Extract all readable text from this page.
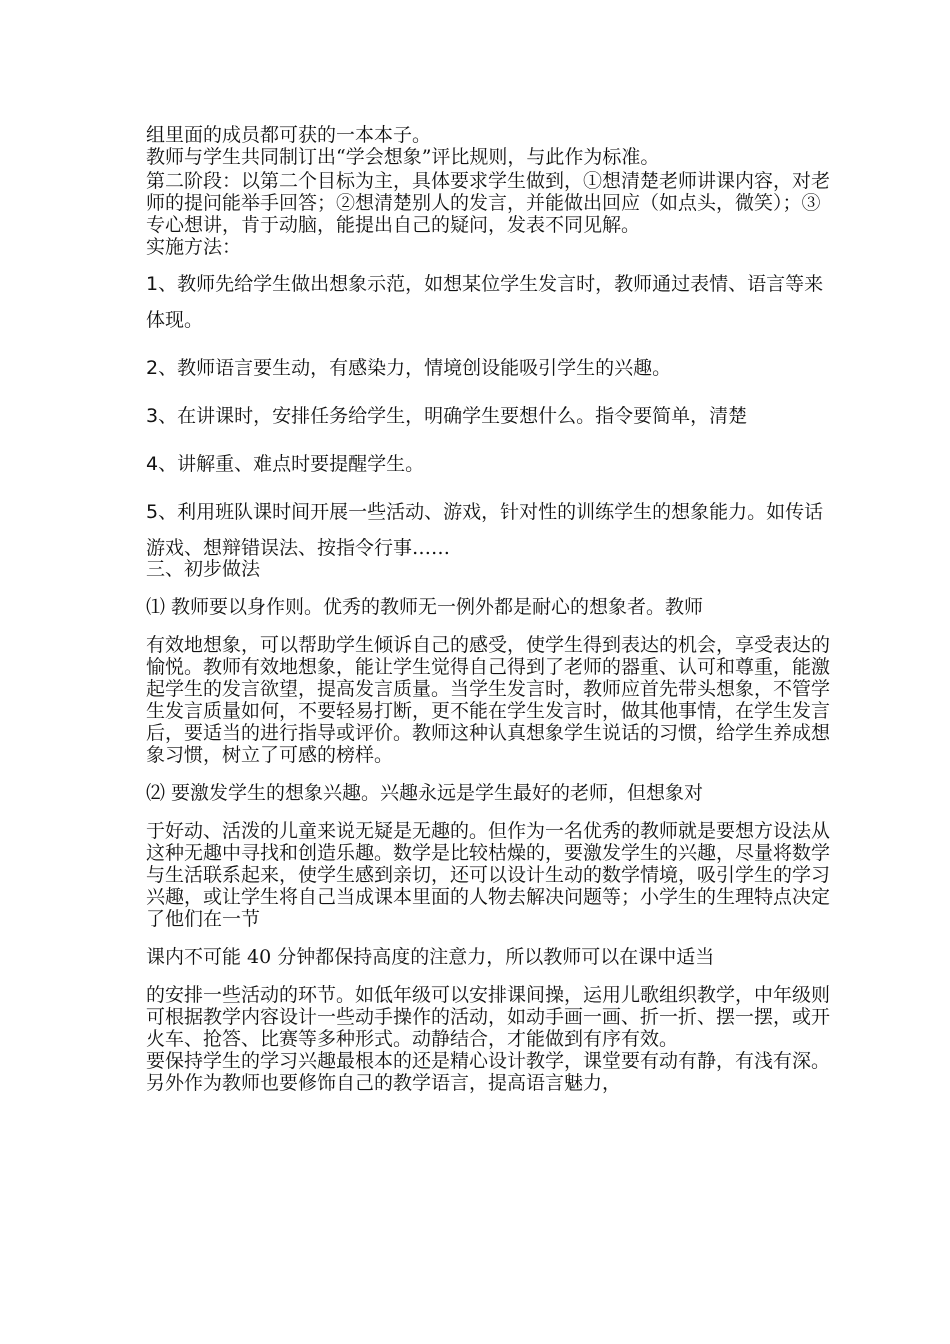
组里面的成员都可获的一本本子。

教师与学生共同制订出“学会想象”评比规则，与此作为标准。

第二阶段：以第二个目标为主，具体要求学生做到，①想清楚老师讲课内容，对老师的提问能举手回答；②想清楚别人的发言，并能做出回应（如点头，微笑）；③专心想讲，肯于动脑，能提出自己的疑问，发表不同见解。

实施方法：

1、教师先给学生做出想象示范，如想某位学生发言时，教师通过表情、语言等来体现。

2、教师语言要生动，有感染力，情境创设能吸引学生的兴趣。

3、在讲课时，安排任务给学生，明确学生要想什么。指令要简单，清楚

4、讲解重、难点时要提醒学生。

5、利用班队课时间开展一些活动、游戏，针对性的训练学生的想象能力。如传话游戏、想辩错误法、按指令行事……

三、初步做法

⑴ 教师要以身作则。优秀的教师无一例外都是耐心的想象者。教师

有效地想象，可以帮助学生倾诉自己的感受，使学生得到表达的机会，享受表达的愉悦。教师有效地想象，能让学生觉得自己得到了老师的器重、认可和尊重，能激起学生的发言欲望，提高发言质量。当学生发言时，教师应首先带头想象，不管学生发言质量如何，不要轻易打断，更不能在学生发言时，做其他事情，在学生发言后，要适当的进行指导或评价。教师这种认真想象学生说话的习惯，给学生养成想象习惯，树立了可感的榜样。

⑵ 要激发学生的想象兴趣。兴趣永远是学生最好的老师，但想象对

于好动、活泼的儿童来说无疑是无趣的。但作为一名优秀的教师就是要想方设法从这种无趣中寻找和创造乐趣。数学是比较枯燥的，要激发学生的兴趣，尽量将数学与生活联系起来，使学生感到亲切，还可以设计生动的数学情境，吸引学生的学习兴趣，或让学生将自己当成课本里面的人物去解决问题等；小学生的生理特点决定了他们在一节

课内不可能 40 分钟都保持高度的注意力，所以教师可以在课中适当

的安排一些活动的环节。如低年级可以安排课间操，运用儿歌组织教学，中年级则可根据教学内容设计一些动手操作的活动，如动手画一画、折一折、摆一摆，或开火车、抢答、比赛等多种形式。动静结合，才能做到有序有效。

要保持学生的学习兴趣最根本的还是精心设计教学，课堂要有动有静，有浅有深。另外作为教师也要修饰自己的教学语言，提高语言魅力，
